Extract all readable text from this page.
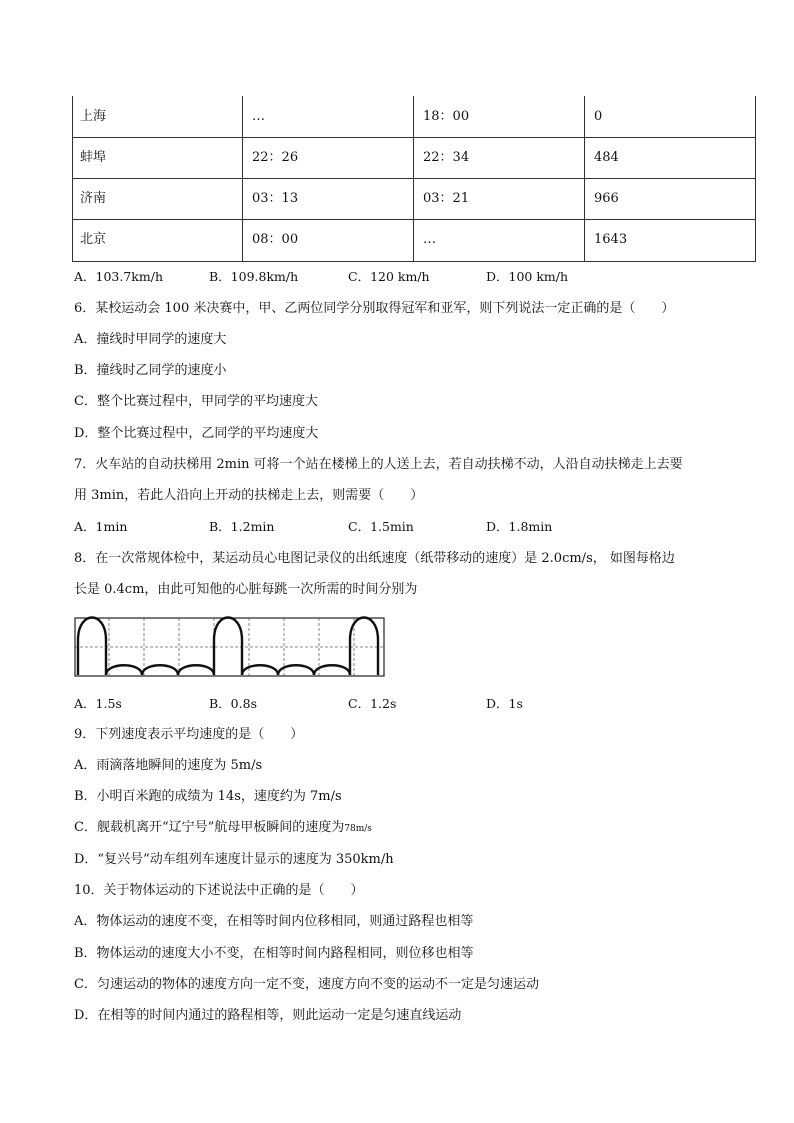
上海	…	18：00	0
蚌埠	22：26	22：34	484
济南	03：13	03：21	966
北京	08：00	…	1643
A．103.7km/h	B．109.8km/h	C．120 km/h	D．100 km/h
6．某校运动会 100 米决赛中，甲、乙两位同学分别取得冠军和亚军，则下列说法一定正确的是（　　）
A．撞线时甲同学的速度大
B．撞线时乙同学的速度小
C．整个比赛过程中，甲同学的平均速度大
D．整个比赛过程中，乙同学的平均速度大
7．火车站的自动扶梯用 2min 可将一个站在楼梯上的人送上去，若自动扶梯不动，人沿自动扶梯走上去要
用 3min，若此人沿向上开动的扶梯走上去，则需要（　　）
A．1min	B．1.2min	C．1.5min	D．1.8min
8．在一次常规体检中，某运动员心电图记录仪的出纸速度（纸带移动的速度）是 2.0cm/s， 如图每格边
长是 0.4cm，由此可知他的心脏每跳一次所需的时间分别为
A．1.5s	B．0.8s	C．1.2s	D．1s
9．下列速度表示平均速度的是（　　）
A．雨滴落地瞬间的速度为 5m/s
B．小明百米跑的成绩为 14s，速度约为 7m/s
C．舰载机离开“辽宁号”航母甲板瞬间的速度为78m/s
D．“复兴号”动车组列车速度计显示的速度为 350km/h
10．关于物体运动的下述说法中正确的是（　　）
A．物体运动的速度不变，在相等时间内位移相同，则通过路程也相等
B．物体运动的速度大小不变，在相等时间内路程相同，则位移也相等
C．匀速运动的物体的速度方向一定不变，速度方向不变的运动不一定是匀速运动
D．在相等的时间内通过的路程相等，则此运动一定是匀速直线运动
